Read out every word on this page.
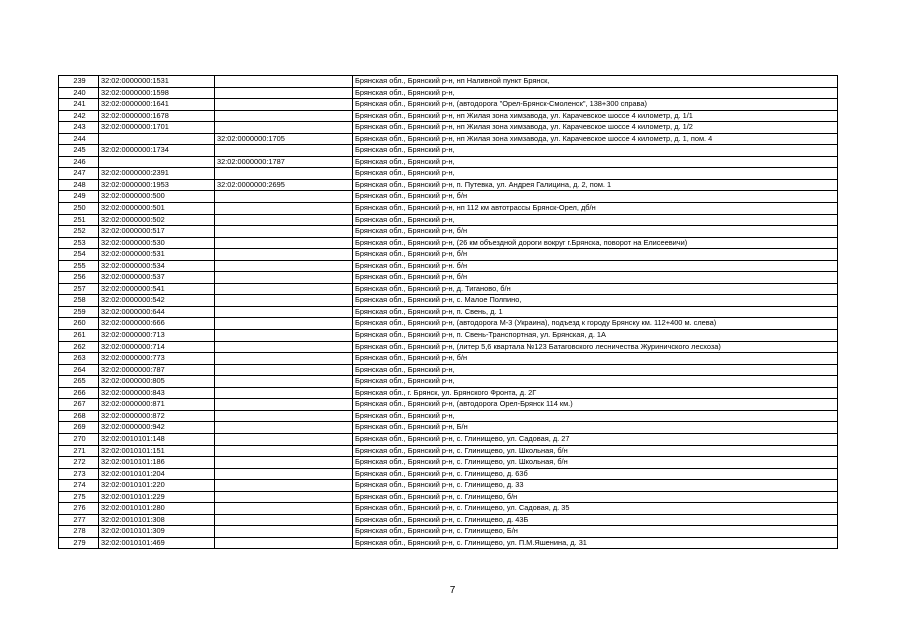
239	32:02:0000000:1531		Брянская обл., Брянский р-н, нп Наливной пункт Брянск,
240	32:02:0000000:1598		Брянская обл., Брянский р-н,
241	32:02:0000000:1641		Брянская обл., Брянский р-н, (автодорога "Орел-Брянск-Смоленск", 138+300 справа)
242	32:02:0000000:1678		Брянская обл., Брянский р-н, нп Жилая зона химзавода, ул. Карачевское шоссе 4 километр, д. 1/1
243	32:02:0000000:1701		Брянская обл., Брянский р-н, нп Жилая зона химзавода, ул. Карачевское шоссе 4 километр, д. 1/2
244		32:02:0000000:1705	Брянская обл., Брянский р-н, нп Жилая зона химзавода, ул. Карачевское шоссе 4 километр, д. 1, пом. 4
245	32:02:0000000:1734		Брянская обл., Брянский р-н,
246		32:02:0000000:1787	Брянская обл., Брянский р-н,
247	32:02:0000000:2391		Брянская обл., Брянский р-н,
248	32:02:0000000:1953	32:02:0000000:2695	Брянская обл., Брянский р-н, п. Путевка, ул. Андрея Галицина, д. 2, пом. 1
249	32:02:0000000:500		Брянская обл., Брянский р-н, б/н
250	32:02:0000000:501		Брянская обл., Брянский р-н, нп 112 км автотрассы Брянск-Орел, дб/н
251	32:02:0000000:502		Брянская обл., Брянский р-н,
252	32:02:0000000:517		Брянская обл., Брянский р-н, б/н
253	32:02:0000000:530		Брянская обл., Брянский р-н, (26 км объездной дороги вокруг г.Брянска, поворот на Елисеевичи)
254	32:02:0000000:531		Брянская обл., Брянский р-н, б/н
255	32:02:0000000:534		Брянская обл., Брянский р-н. б/н
256	32:02:0000000:537		Брянская обл., Брянский р-н, б/н
257	32:02:0000000:541		Брянская обл., Брянский р-н, д. Тиганово, б/н
258	32:02:0000000:542		Брянская обл., Брянский р-н, с. Малое Полпино,
259	32:02:0000000:644		Брянская обл., Брянский р-н, п. Свень, д. 1
260	32:02:0000000:666		Брянская обл., Брянский р-н, (автодорога М-3 (Украина), подъезд к городу Брянску км. 112+400 м. слева)
261	32:02:0000000:713		Брянская обл., Брянский р-н, п. Свень-Транспортная, ул. Брянская, д. 1А
262	32:02:0000000:714		Брянская обл., Брянский р-н, (литер 5,6 квартала №123 Батаговского лесничества Журиничского лесхоза)
263	32:02:0000000:773		Брянская обл., Брянский р-н, б/н
264	32:02:0000000:787		Брянская обл., Брянский р-н,
265	32:02:0000000:805		Брянская обл., Брянский р-н,
266	32:02:0000000:843		Брянская обл., г. Брянск, ул. Брянского Фронта, д. 2Г
267	32:02:0000000:871		Брянская обл., Брянский р-н, (автодорога Орел-Брянск 114 км.)
268	32:02:0000000:872		Брянская обл., Брянский р-н,
269	32:02:0000000:942		Брянская обл., Брянский р-н, Б/н
270	32:02:0010101:148		Брянская обл., Брянский р-н, с. Глинищево, ул. Садовая, д. 27
271	32:02:0010101:151		Брянская обл., Брянский р-н, с. Глинищево, ул. Школьная, б/н
272	32:02:0010101:186		Брянская обл., Брянский р-н, с. Глинищево, ул. Школьная, б/н
273	32:02:0010101:204		Брянская обл., Брянский р-н, с. Глинищево, д. 63б
274	32:02:0010101:220		Брянская обл., Брянский р-н, с. Глинищево, д. 33
275	32:02:0010101:229		Брянская обл., Брянский р-н, с. Глинищево, б/н
276	32:02:0010101:280		Брянская обл., Брянский р-н, с. Глинищево, ул. Садовая, д. 35
277	32:02:0010101:308		Брянская обл., Брянский р-н, с. Глинищево, д. 43Б
278	32:02:0010101:309		Брянская обл., Брянский р-н, с. Глинищево, Б/н
279	32:02:0010101:469		Брянская обл., Брянский р-н, с. Глинищево, ул. П.М.Яшенина, д. 31
7
